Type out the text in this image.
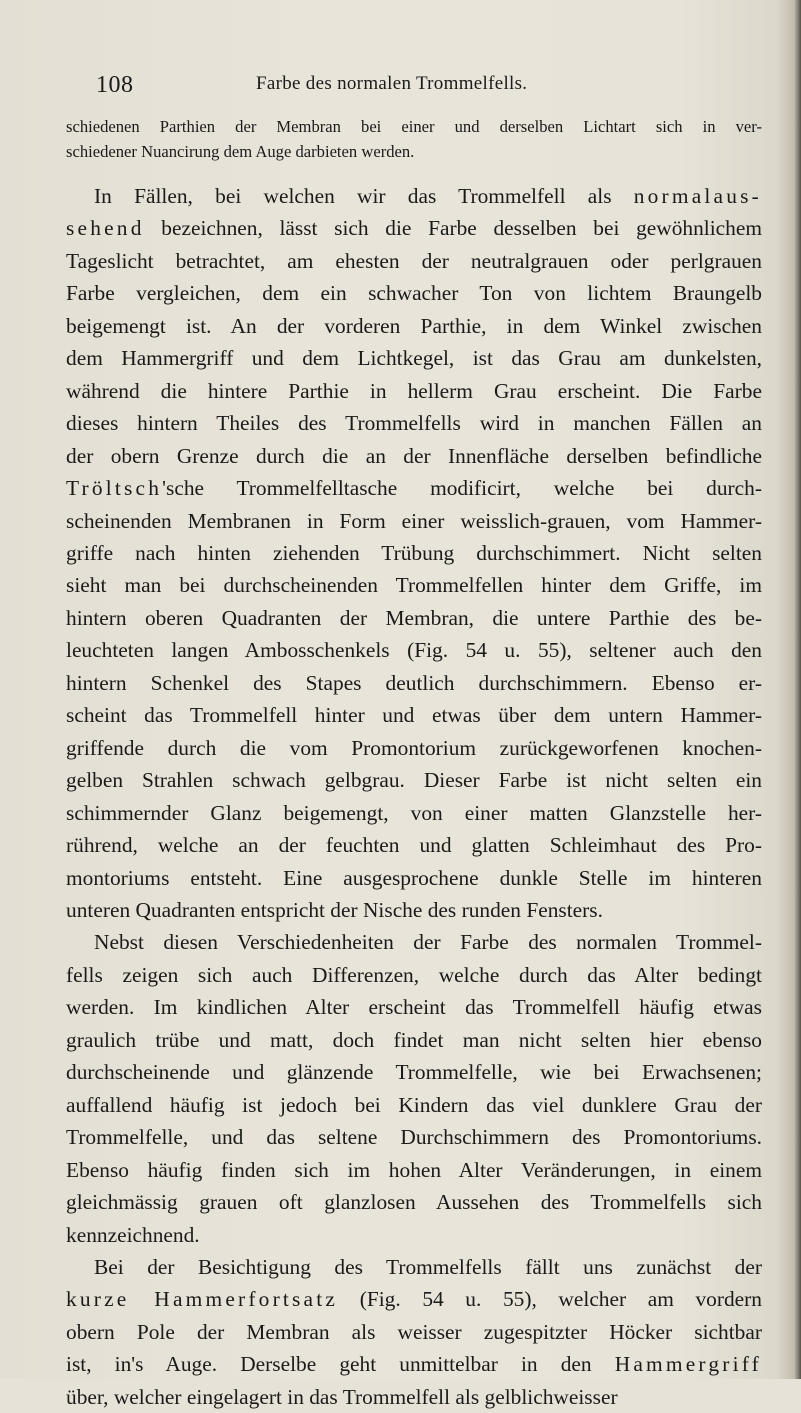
108	Farbe des normalen Trommelfells.
schiedenen Parthien der Membran bei einer und derselben Lichtart sich in ver-
schiedener Nuancirung dem Auge darbieten werden.
In Fällen, bei welchen wir das Trommelfell als normalaus-
sehend bezeichnen, lässt sich die Farbe desselben bei gewöhnlichem
Tageslicht betrachtet, am ehesten der neutralgrauen oder perlgrauen
Farbe vergleichen, dem ein schwacher Ton von lichtem Braungelb
beigemengt ist. An der vorderen Parthie, in dem Winkel zwischen
dem Hammergriff und dem Lichtkegel, ist das Grau am dunkelsten,
während die hintere Parthie in hellerm Grau erscheint. Die Farbe
dieses hintern Theiles des Trommelfells wird in manchen Fällen an
der obern Grenze durch die an der Innenfläche derselben befindliche
Tröltsch'sche Trommelfelltasche modificirt, welche bei durch-
scheinenden Membranen in Form einer weisslich-grauen, vom Hammer-
griffe nach hinten ziehenden Trübung durchschimmert. Nicht selten
sieht man bei durchscheinenden Trommelfellen hinter dem Griffe, im
hintern oberen Quadranten der Membran, die untere Parthie des be-
leuchteten langen Ambosschenkels (Fig. 54 u. 55), seltener auch den
hintern Schenkel des Stapes deutlich durchschimmern. Ebenso er-
scheint das Trommelfell hinter und etwas über dem untern Hammer-
griffende durch die vom Promontorium zurückgeworfenen knochen-
gelben Strahlen schwach gelbgrau. Dieser Farbe ist nicht selten ein
schimmernder Glanz beigemengt, von einer matten Glanzstelle her-
rührend, welche an der feuchten und glatten Schleimhaut des Pro-
montoriums entsteht. Eine ausgesprochene dunkle Stelle im hinteren
unteren Quadranten entspricht der Nische des runden Fensters.
Nebst diesen Verschiedenheiten der Farbe des normalen Trommel-
fells zeigen sich auch Differenzen, welche durch das Alter bedingt
werden. Im kindlichen Alter erscheint das Trommelfell häufig etwas
graulich trübe und matt, doch findet man nicht selten hier ebenso
durchscheinende und glänzende Trommelfelle, wie bei Erwachsenen;
auffallend häufig ist jedoch bei Kindern das viel dunklere Grau der
Trommelfelle, und das seltene Durchschimmern des Promontoriums.
Ebenso häufig finden sich im hohen Alter Veränderungen, in einem
gleichmässig grauen oft glanzlosen Aussehen des Trommelfells sich
kennzeichnend.
Bei der Besichtigung des Trommelfells fällt uns zunächst der
kurze Hammerfortsatz (Fig. 54 u. 55), welcher am vordern
obern Pole der Membran als weisser zugespitzter Höcker sichtbar
ist, in's Auge. Derselbe geht unmittelbar in den Hammergriff
über, welcher eingelagert in das Trommelfell als gelblichweisser
